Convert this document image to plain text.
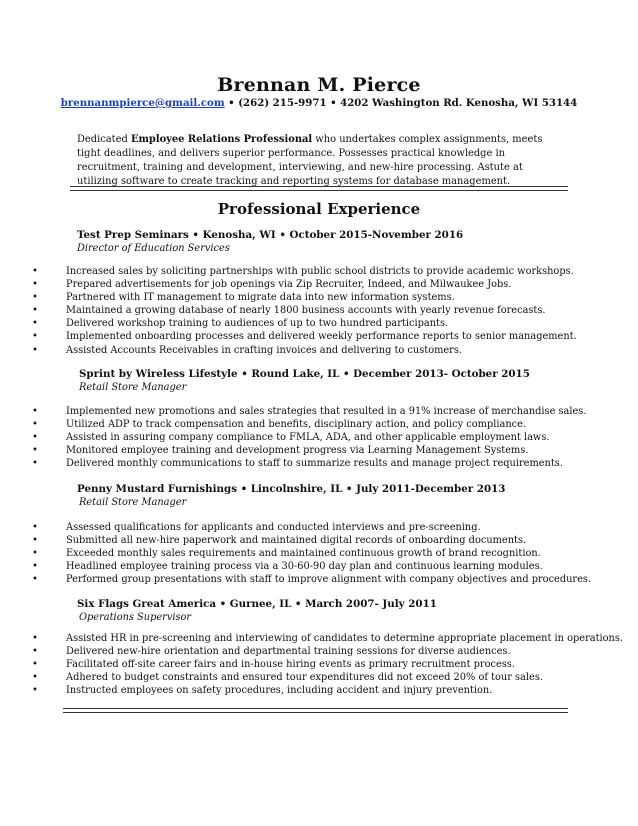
Brennan M. Pierce
brennanmpierce@gmail.com • (262) 215-9971 • 4202 Washington Rd. Kenosha, WI 53144
Dedicated Employee Relations Professional who undertakes complex assignments, meets tight deadlines, and delivers superior performance. Possesses practical knowledge in recruitment, training and development, interviewing, and new-hire processing. Astute at utilizing software to create tracking and reporting systems for database management.
Professional Experience
Test Prep Seminars • Kenosha, WI • October 2015-November 2016
Director of Education Services
• Increased sales by soliciting partnerships with public school districts to provide academic workshops.
• Prepared advertisements for job openings via Zip Recruiter, Indeed, and Milwaukee Jobs.
• Partnered with IT management to migrate data into new information systems.
• Maintained a growing database of nearly 1800 business accounts with yearly revenue forecasts.
• Delivered workshop training to audiences of up to two hundred participants.
• Implemented onboarding processes and delivered weekly performance reports to senior management.
• Assisted Accounts Receivables in crafting invoices and delivering to customers.
Sprint by Wireless Lifestyle • Round Lake, IL • December 2013- October 2015
Retail Store Manager
• Implemented new promotions and sales strategies that resulted in a 91% increase of merchandise sales.
• Utilized ADP to track compensation and benefits, disciplinary action, and policy compliance.
• Assisted in assuring company compliance to FMLA, ADA, and other applicable employment laws.
• Monitored employee training and development progress via Learning Management Systems.
• Delivered monthly communications to staff to summarize results and manage project requirements.
Penny Mustard Furnishings • Lincolnshire, IL • July 2011-December 2013
Retail Store Manager
• Assessed qualifications for applicants and conducted interviews and pre-screening.
• Submitted all new-hire paperwork and maintained digital records of onboarding documents.
• Exceeded monthly sales requirements and maintained continuous growth of brand recognition.
• Headlined employee training process via a 30-60-90 day plan and continuous learning modules.
• Performed group presentations with staff to improve alignment with company objectives and procedures.
Six Flags Great America • Gurnee, IL • March 2007- July 2011
Operations Supervisor
• Assisted HR in pre-screening and interviewing of candidates to determine appropriate placement in operations.
• Delivered new-hire orientation and departmental training sessions for diverse audiences.
• Facilitated off-site career fairs and in-house hiring events as primary recruitment process.
• Adhered to budget constraints and ensured tour expenditures did not exceed 20% of tour sales.
• Instructed employees on safety procedures, including accident and injury prevention.
